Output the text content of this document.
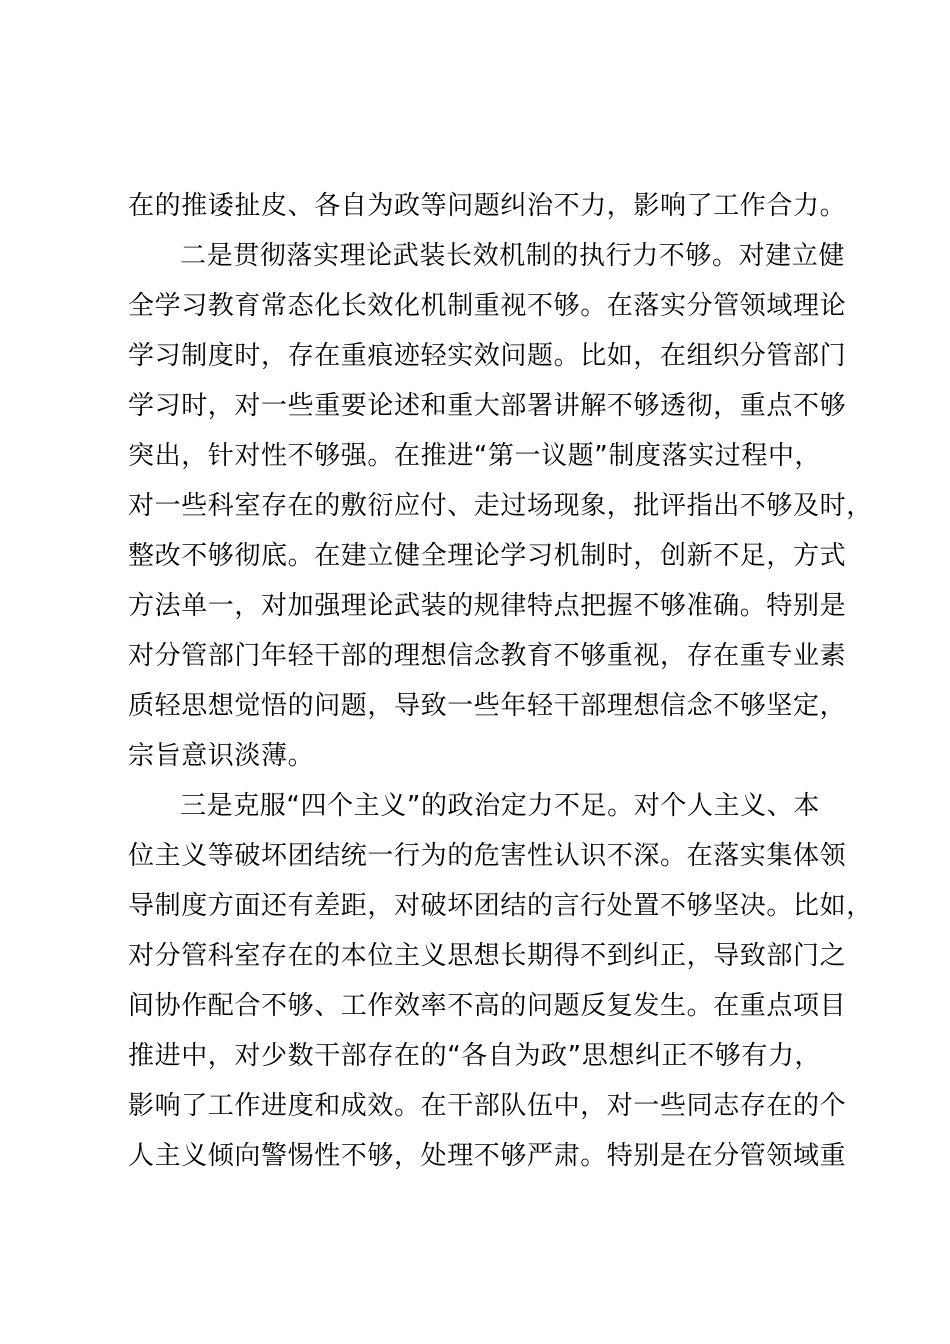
在的推诿扯皮、各自为政等问题纠治不力，影响了工作合力。
二是贯彻落实理论武装长效机制的执行力不够。对建立健
全学习教育常态化长效化机制重视不够。在落实分管领域理论
学习制度时，存在重痕迹轻实效问题。比如，在组织分管部门
学习时，对一些重要论述和重大部署讲解不够透彻，重点不够
突出，针对性不够强。在推进“第一议题”制度落实过程中，
对一些科室存在的敷衍应付、走过场现象，批评指出不够及时，
整改不够彻底。在建立健全理论学习机制时，创新不足，方式
方法单一，对加强理论武装的规律特点把握不够准确。特别是
对分管部门年轻干部的理想信念教育不够重视，存在重专业素
质轻思想觉悟的问题，导致一些年轻干部理想信念不够坚定，
宗旨意识淡薄。
三是克服“四个主义”的政治定力不足。对个人主义、本
位主义等破坏团结统一行为的危害性认识不深。在落实集体领
导制度方面还有差距，对破坏团结的言行处置不够坚决。比如，
对分管科室存在的本位主义思想长期得不到纠正，导致部门之
间协作配合不够、工作效率不高的问题反复发生。在重点项目
推进中，对少数干部存在的“各自为政”思想纠正不够有力，
影响了工作进度和成效。在干部队伍中，对一些同志存在的个
人主义倾向警惕性不够，处理不够严肃。特别是在分管领域重
